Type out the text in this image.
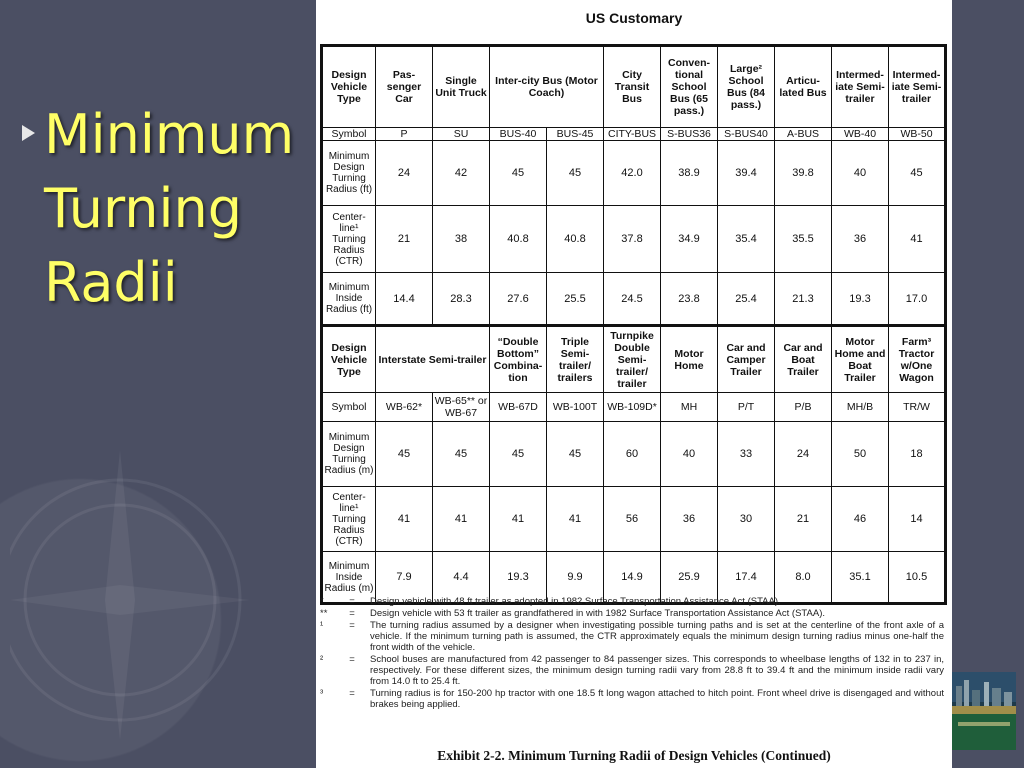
Minimum
Turning
Radii
US Customary
Design Vehicle Type	Pas-senger Car	Single Unit Truck	Inter-city Bus (Motor Coach)		City Transit Bus	Conven-tional School Bus (65 pass.)	Large² School Bus (84 pass.)	Articu-lated Bus	Intermed-iate Semi-trailer	Intermed-iate Semi-trailer
Symbol	P	SU	BUS-40	BUS-45	CITY-BUS	S-BUS36	S-BUS40	A-BUS	WB-40	WB-50
Minimum Design Turning Radius (ft)	24	42	45	45	42.0	38.9	39.4	39.8	40	45
Center-line¹ Turning Radius (CTR)	21	38	40.8	40.8	37.8	34.9	35.4	35.5	36	41
Minimum Inside Radius (ft)	14.4	28.3	27.6	25.5	24.5	23.8	25.4	21.3	19.3	17.0
Design Vehicle Type	Interstate Semi-trailer		“Double Bottom” Combina-tion	Triple Semi-trailer/ trailers	Turnpike Double Semi-trailer/ trailer	Motor Home	Car and Camper Trailer	Car and Boat Trailer	Motor Home and Boat Trailer	Farm³ Tractor w/One Wagon
Symbol	WB-62*	WB-65** or WB-67	WB-67D	WB-100T	WB-109D*	MH	P/T	P/B	MH/B	TR/W
Minimum Design Turning Radius (m)	45	45	45	45	60	40	33	24	50	18
Center-line¹ Turning Radius (CTR)	41	41	41	41	56	36	30	21	46	14
Minimum Inside Radius (m)	7.9	4.4	19.3	9.9	14.9	25.9	17.4	8.0	35.1	10.5
*	=	Design vehicle with 48 ft trailer as adopted in 1982 Surface Transportation Assistance Act (STAA).
**	=	Design vehicle with 53 ft trailer as grandfathered in with 1982 Surface Transportation Assistance Act (STAA).
¹	=	The turning radius assumed by a designer when investigating possible turning paths and is set at the centerline of the front axle of a vehicle. If the minimum turning path is assumed, the CTR approximately equals the minimum design turning radius minus one-half the front width of the vehicle.
²	=	School buses are manufactured from 42 passenger to 84 passenger sizes. This corresponds to wheelbase lengths of 132 in to 237 in, respectively. For these different sizes, the minimum design turning radii vary from 28.8 ft to 39.4 ft and the minimum inside radii vary from 14.0 ft to 25.4 ft.
³	=	Turning radius is for 150-200 hp tractor with one 18.5 ft long wagon attached to hitch point. Front wheel drive is disengaged and without brakes being applied.
Exhibit 2-2. Minimum Turning Radii of Design Vehicles (Continued)
